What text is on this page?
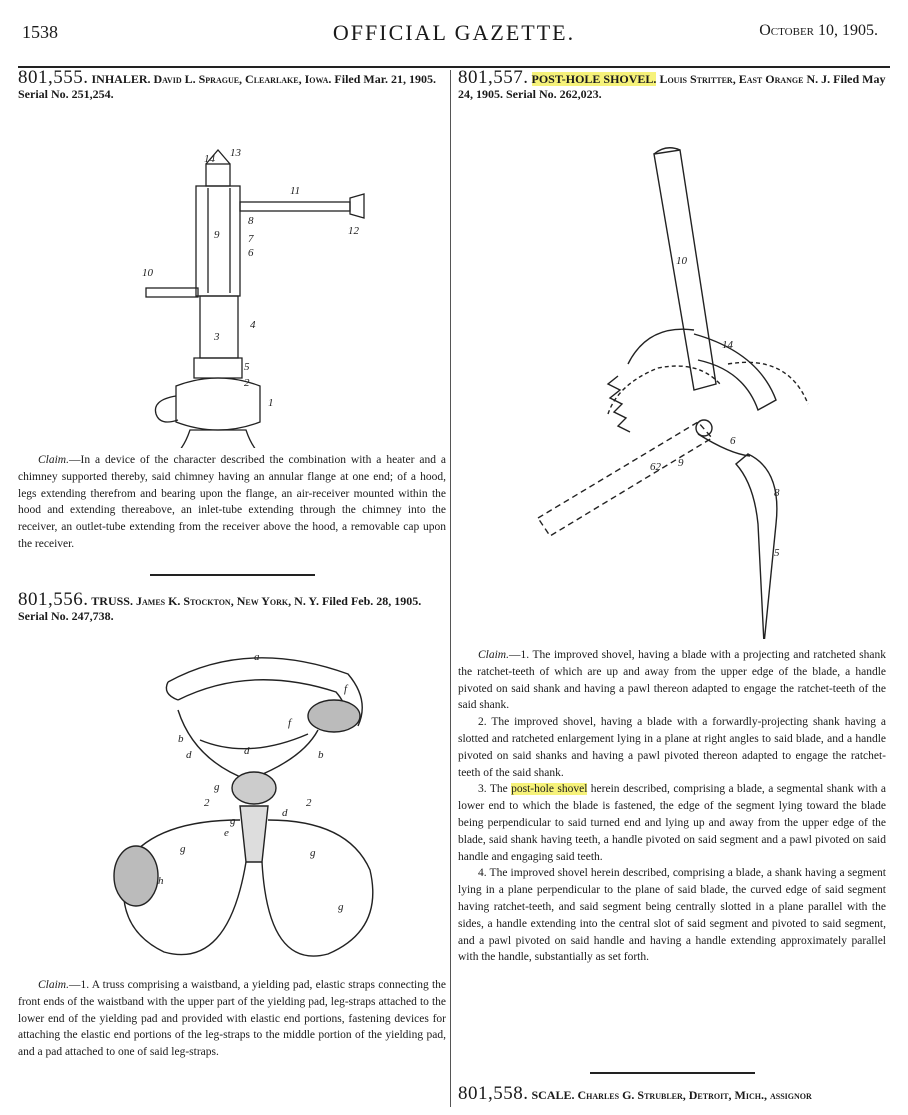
1538	OFFICIAL GAZETTE.	October 10, 1905.
801,555. INHALER. David L. Sprague, Clearlake, Iowa. Filed Mar. 21, 1905. Serial No. 251,254.
14 13
11
12
9
8
7
6
10
4
3
5
2
1

Claim.—In a device of the character described the combination with a heater and a chimney supported thereby, said chimney having an annular flange at one end; of a hood, legs extending therefrom and bearing upon the flange, an air-receiver mounted within the hood and extending thereabove, an inlet-tube extending through the chimney into the receiver, an outlet-tube extending from the receiver above the hood, a removable cap upon the receiver.

801,556. TRUSS. James K. Stockton, New York, N. Y. Filed Feb. 28, 1905. Serial No. 247,738.
a
f
f
b
d	d	b
g
e
d
2	2
g
g
h
g
g

Claim.—1. A truss comprising a waistband, a yielding pad, elastic straps connecting the front ends of the waistband with the upper part of the yielding pad, leg-straps attached to the lower end of the yielding pad and provided with elastic end portions, fastening devices for attaching the elastic end portions of the leg-straps to the middle portion of the yielding pad, and a pad attached to one of said leg-straps.

801,557. POST-HOLE SHOVEL. Louis Stritter, East Orange N. J. Filed May 24, 1905. Serial No. 262,023.
10
14
6
62 9
8
5

Claim.—1. The improved shovel, having a blade with a projecting and ratcheted shank the ratchet-teeth of which are up and away from the upper edge of the blade, a handle pivoted on said shank and having a pawl thereon adapted to engage the ratchet-teeth of the said shank.

2. The improved shovel, having a blade with a forwardly-projecting shank having a slotted and ratcheted enlargement lying in a plane at right angles to said blade, and a handle pivoted on said shanks and having a pawl pivoted thereon adapted to engage the ratchet-teeth of the said shank.

3. The post-hole shovel herein described, comprising a blade, a segmental shank with a lower end to which the blade is fastened, the edge of the segment lying toward the blade being perpendicular to said turned end and lying up and away from the upper edge of the blade, said shank having teeth, a handle pivoted on said segment and a pawl pivoted on said handle and engaging said teeth.

4. The improved shovel herein described, comprising a blade, a shank having a segment lying in a plane perpendicular to the plane of said blade, the curved edge of said segment having ratchet-teeth, and said segment being centrally slotted in a plane parallel with the sides, a handle extending into the central slot of said segment and pivoted to said segment, and a pawl pivoted on said handle and having a handle extending approximately parallel with the handle, substantially as set forth.

801,558. SCALE. Charles G. Strubler, Detroit, Mich., assignor
